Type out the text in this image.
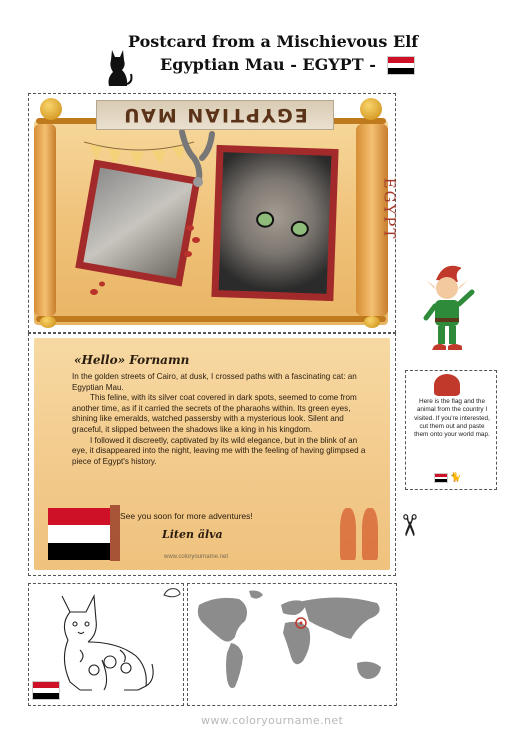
Postcard from a Mischievous Elf
Egyptian Mau - EGYPT -
EGYPTIAN MAU
EGYPT
«Hello» Fornamn

In the golden streets of Cairo, at dusk, I crossed paths with a fascinating cat: an Egyptian Mau.

This feline, with its silver coat covered in dark spots, seemed to come from another time, as if it carried the secrets of the pharaohs within. Its green eyes, shining like emeralds, watched passersby with a mysterious look. Silent and graceful, it slipped between the shadows like a king in his kingdom.

I followed it discreetly, captivated by its wild elegance, but in the blink of an eye, it disappeared into the night, leaving me with the feeling of having glimpsed a piece of Egypt's history.

See you soon for more adventures!
Liten älva
www.coloryourname.net
Here is the flag and the animal from the country I visited. If you're interested, cut them out and paste them onto your world map.
🐈
✂
www.coloryourname.net
